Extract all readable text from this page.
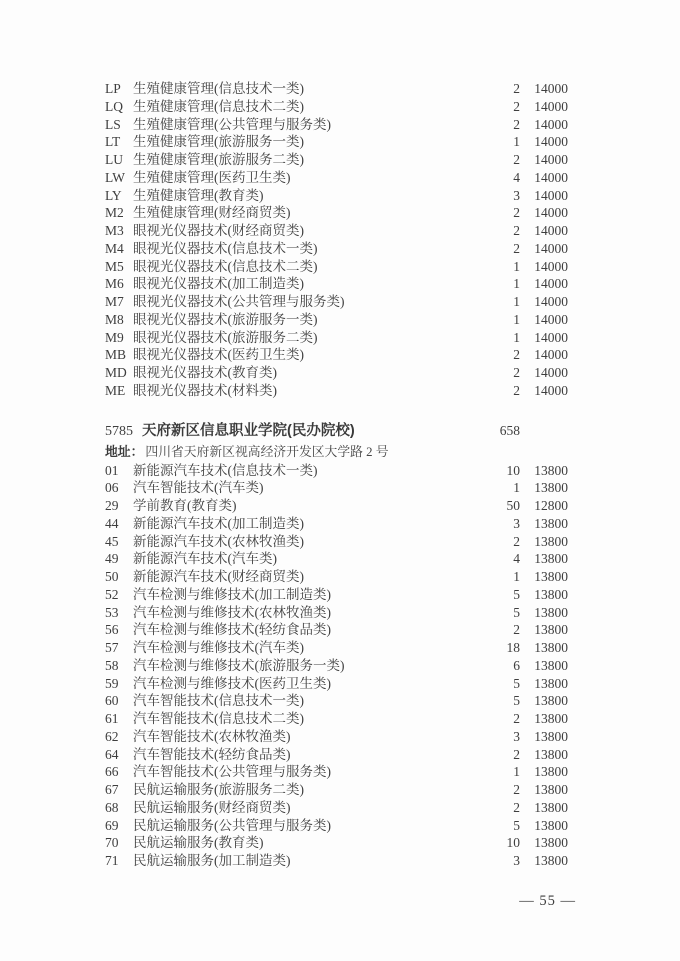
LP 生殖健康管理(信息技术一类)	2	14000
LQ 生殖健康管理(信息技术二类)	2	14000
LS 生殖健康管理(公共管理与服务类)	2	14000
LT 生殖健康管理(旅游服务一类)	1	14000
LU 生殖健康管理(旅游服务二类)	2	14000
LW 生殖健康管理(医药卫生类)	4	14000
LY 生殖健康管理(教育类)	3	14000
M2 生殖健康管理(财经商贸类)	2	14000
M3 眼视光仪器技术(财经商贸类)	2	14000
M4 眼视光仪器技术(信息技术一类)	2	14000
M5 眼视光仪器技术(信息技术二类)	1	14000
M6 眼视光仪器技术(加工制造类)	1	14000
M7 眼视光仪器技术(公共管理与服务类)	1	14000
M8 眼视光仪器技术(旅游服务一类)	1	14000
M9 眼视光仪器技术(旅游服务二类)	1	14000
MB 眼视光仪器技术(医药卫生类)	2	14000
MD 眼视光仪器技术(教育类)	2	14000
ME 眼视光仪器技术(材料类)	2	14000
5785 天府新区信息职业学院(民办院校)	658
地址： 四川省天府新区视高经济开发区大学路 2 号
01	新能源汽车技术(信息技术一类)	10	13800
06	汽车智能技术(汽车类)	1	13800
29	学前教育(教育类)	50	12800
44	新能源汽车技术(加工制造类)	3	13800
45	新能源汽车技术(农林牧渔类)	2	13800
49	新能源汽车技术(汽车类)	4	13800
50	新能源汽车技术(财经商贸类)	1	13800
52	汽车检测与维修技术(加工制造类)	5	13800
53	汽车检测与维修技术(农林牧渔类)	5	13800
56	汽车检测与维修技术(轻纺食品类)	2	13800
57	汽车检测与维修技术(汽车类)	18	13800
58	汽车检测与维修技术(旅游服务一类)	6	13800
59	汽车检测与维修技术(医药卫生类)	5	13800
60	汽车智能技术(信息技术一类)	5	13800
61	汽车智能技术(信息技术二类)	2	13800
62	汽车智能技术(农林牧渔类)	3	13800
64	汽车智能技术(轻纺食品类)	2	13800
66	汽车智能技术(公共管理与服务类)	1	13800
67	民航运输服务(旅游服务二类)	2	13800
68	民航运输服务(财经商贸类)	2	13800
69	民航运输服务(公共管理与服务类)	5	13800
70	民航运输服务(教育类)	10	13800
71	民航运输服务(加工制造类)	3	13800
— 55 —
